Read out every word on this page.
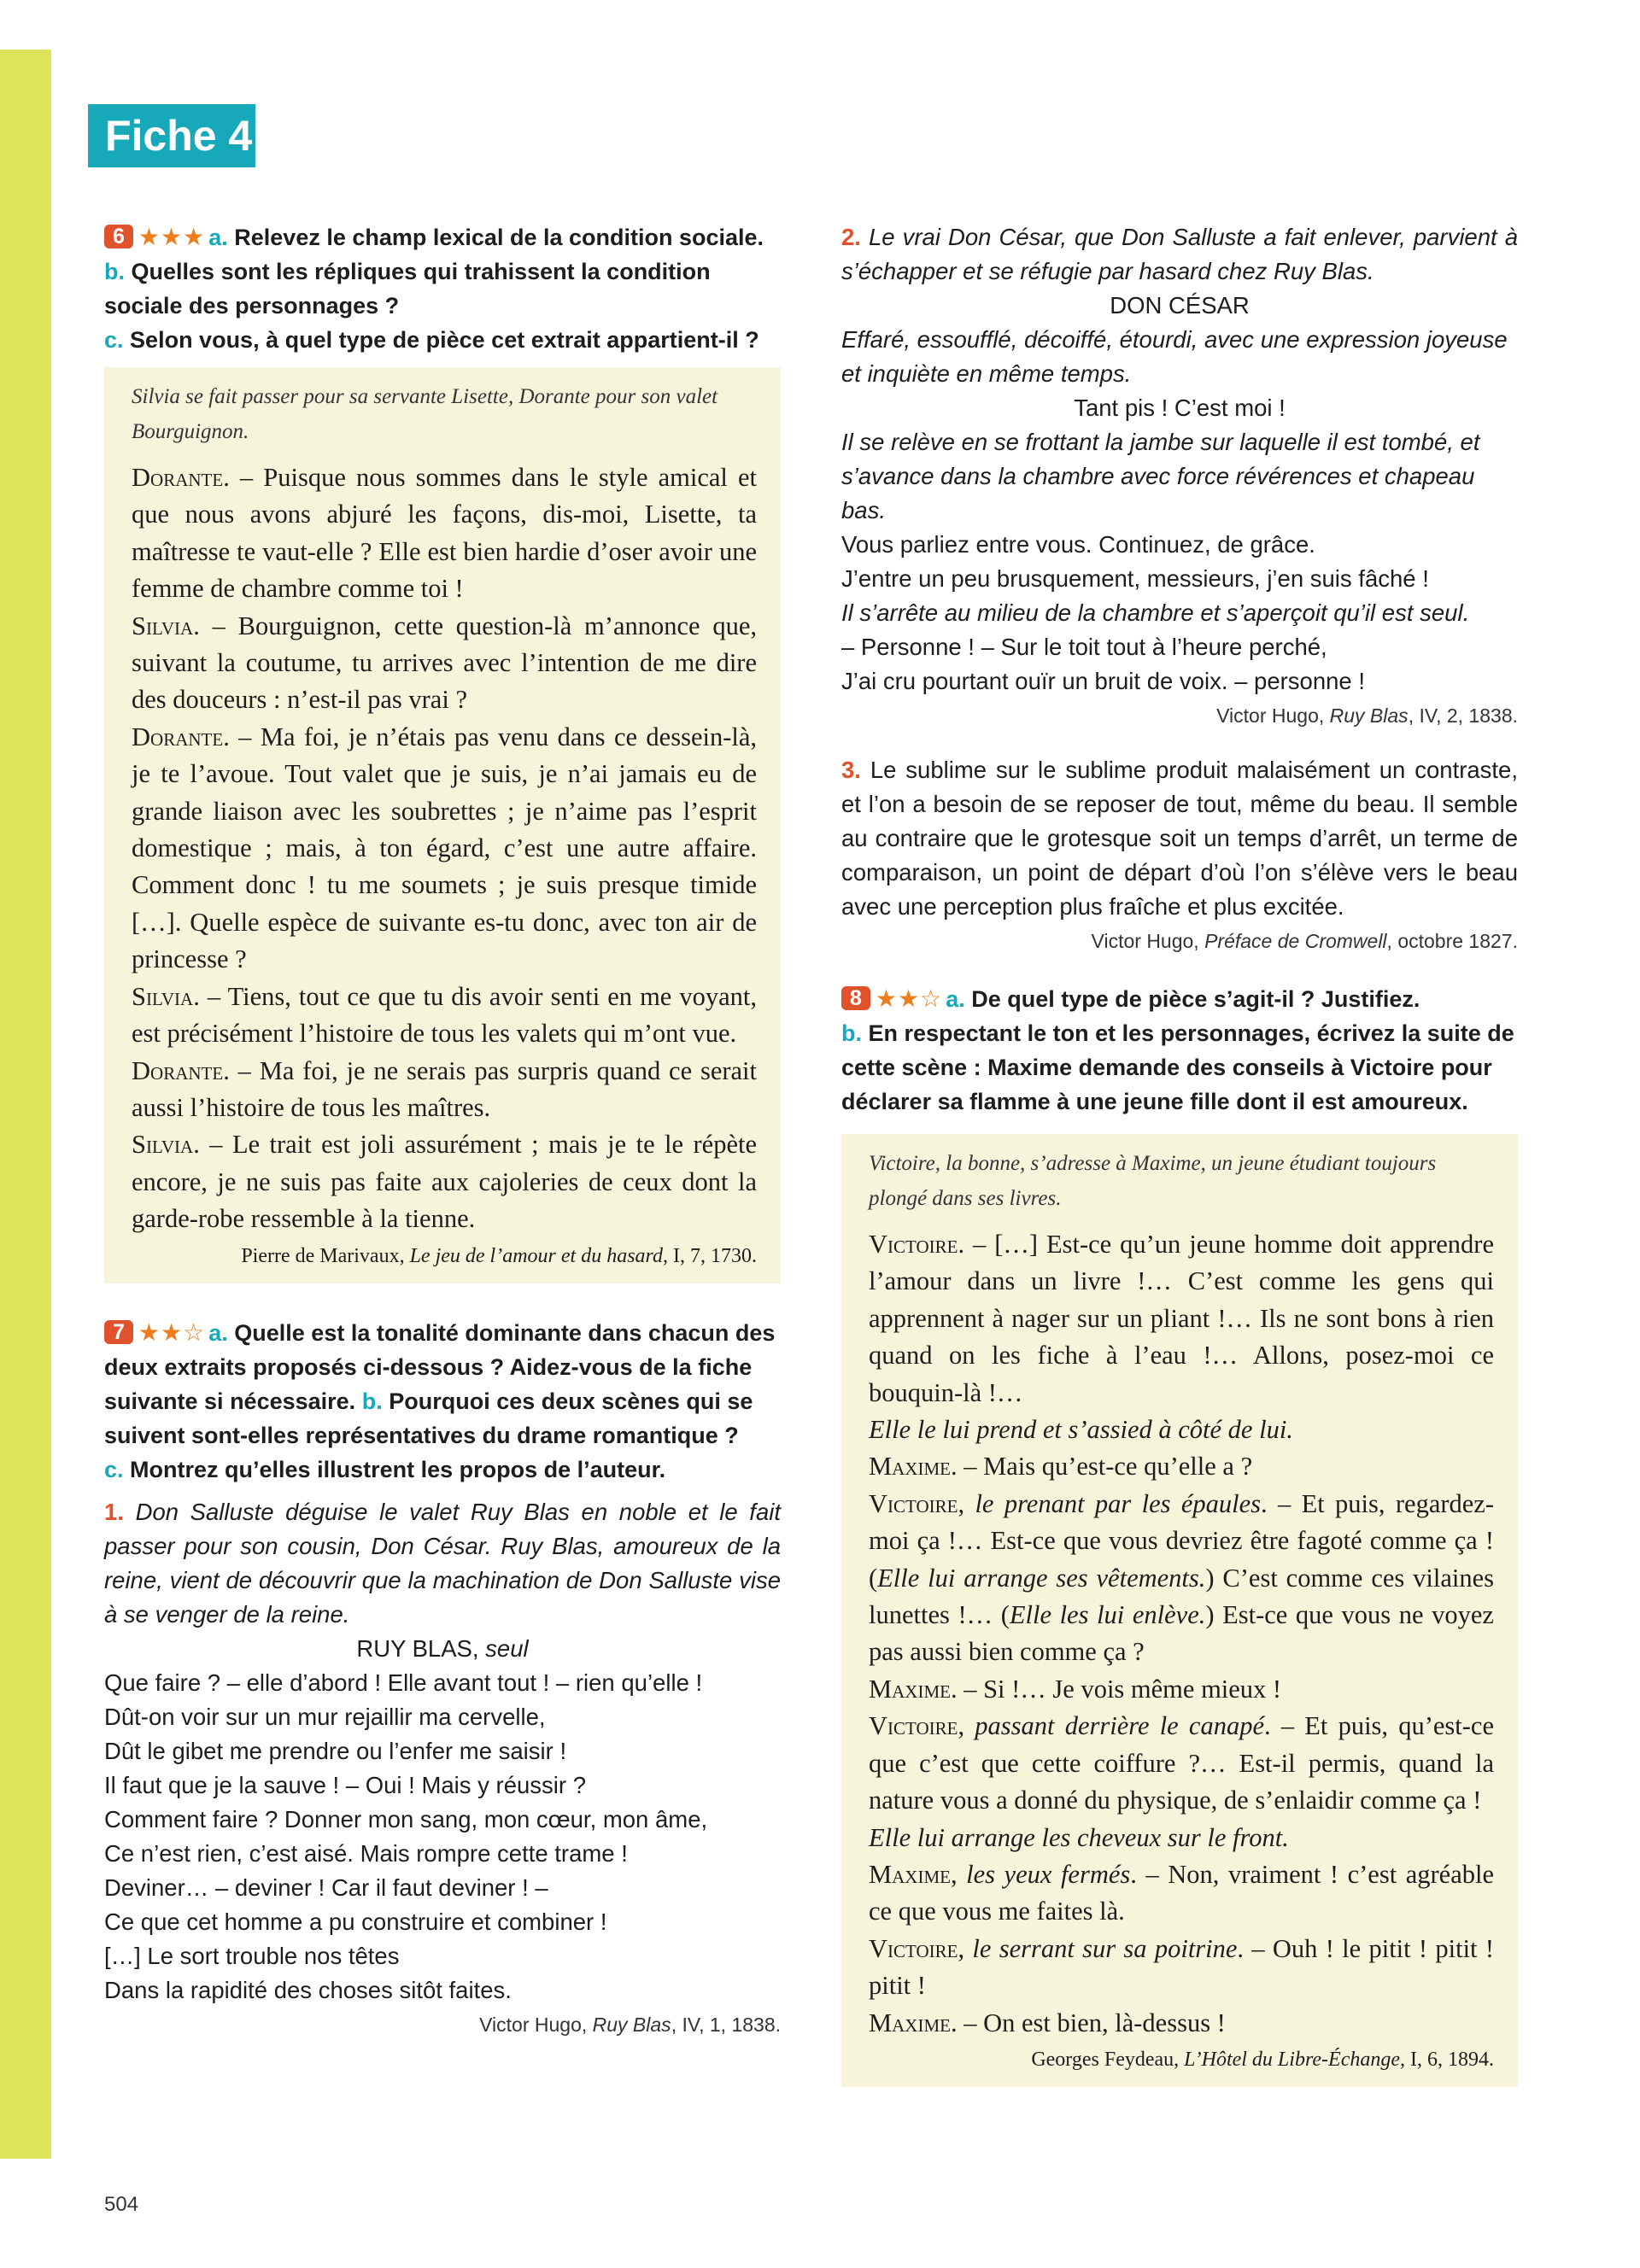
Fiche 4
6 ★★★ a. Relevez le champ lexical de la condition sociale.
b. Quelles sont les répliques qui trahissent la condition sociale des personnages ?
c. Selon vous, à quel type de pièce cet extrait appartient-il ?

Silvia se fait passer pour sa servante Lisette, Dorante pour son valet Bourguignon.

Dorante. – Puisque nous sommes dans le style amical et que nous avons abjuré les façons, dis-moi, Lisette, ta maîtresse te vaut-elle ? Elle est bien hardie d’oser avoir une femme de chambre comme toi !

Silvia. – Bourguignon, cette question-là m’annonce que, suivant la coutume, tu arrives avec l’intention de me dire des douceurs : n’est-il pas vrai ?

Dorante. – Ma foi, je n’étais pas venu dans ce dessein-là, je te l’avoue. Tout valet que je suis, je n’ai jamais eu de grande liaison avec les soubrettes ; je n’aime pas l’esprit domestique ; mais, à ton égard, c’est une autre affaire. Comment donc ! tu me soumets ; je suis presque timide […]. Quelle espèce de suivante es-tu donc, avec ton air de princesse ?

Silvia. – Tiens, tout ce que tu dis avoir senti en me voyant, est précisément l’histoire de tous les valets qui m’ont vue.

Dorante. – Ma foi, je ne serais pas surpris quand ce serait aussi l’histoire de tous les maîtres.

Silvia. – Le trait est joli assurément ; mais je te le répète encore, je ne suis pas faite aux cajoleries de ceux dont la garde-robe ressemble à la tienne.

Pierre de Marivaux, Le jeu de l’amour et du hasard, I, 7, 1730.
7 ★★☆ a. Quelle est la tonalité dominante dans chacun des deux extraits proposés ci-dessous ? Aidez-vous de la fiche suivante si nécessaire. b. Pourquoi ces deux scènes qui se suivent sont-elles représentatives du drame romantique ?
c. Montrez qu’elles illustrent les propos de l’auteur.

1. Don Salluste déguise le valet Ruy Blas en noble et le fait passer pour son cousin, Don César. Ruy Blas, amoureux de la reine, vient de découvrir que la machination de Don Salluste vise à se venger de la reine.

RUY BLAS, seul

Que faire ? – elle d’abord ! Elle avant tout ! – rien qu’elle !

Dût-on voir sur un mur rejaillir ma cervelle,

Dût le gibet me prendre ou l’enfer me saisir !

Il faut que je la sauve ! – Oui ! Mais y réussir ?

Comment faire ? Donner mon sang, mon cœur, mon âme,

Ce n’est rien, c’est aisé. Mais rompre cette trame !

Deviner… – deviner ! Car il faut deviner ! –

Ce que cet homme a pu construire et combiner !

[…] Le sort trouble nos têtes

Dans la rapidité des choses sitôt faites.

Victor Hugo, Ruy Blas, IV, 1, 1838.

2. Le vrai Don César, que Don Salluste a fait enlever, parvient à s’échapper et se réfugie par hasard chez Ruy Blas.

DON CÉSAR

Effaré, essoufflé, décoiffé, étourdi, avec une expression joyeuse et inquiète en même temps.

Tant pis ! C’est moi !

Il se relève en se frottant la jambe sur laquelle il est tombé, et s’avance dans la chambre avec force révérences et chapeau bas.

Vous parliez entre vous. Continuez, de grâce.

J’entre un peu brusquement, messieurs, j’en suis fâché !

Il s’arrête au milieu de la chambre et s’aperçoit qu’il est seul.

– Personne ! – Sur le toit tout à l’heure perché,

J’ai cru pourtant ouïr un bruit de voix. – personne !

Victor Hugo, Ruy Blas, IV, 2, 1838.

3. Le sublime sur le sublime produit malaisément un contraste, et l’on a besoin de se reposer de tout, même du beau. Il semble au contraire que le grotesque soit un temps d’arrêt, un terme de comparaison, un point de départ d’où l’on s’élève vers le beau avec une perception plus fraîche et plus excitée.

Victor Hugo, Préface de Cromwell, octobre 1827.
8 ★★☆ a. De quel type de pièce s’agit-il ? Justifiez.
b. En respectant le ton et les personnages, écrivez la suite de cette scène : Maxime demande des conseils à Victoire pour déclarer sa flamme à une jeune fille dont il est amoureux.

Victoire, la bonne, s’adresse à Maxime, un jeune étudiant toujours plongé dans ses livres.

Victoire. – […] Est-ce qu’un jeune homme doit apprendre l’amour dans un livre !… C’est comme les gens qui apprennent à nager sur un pliant !… Ils ne sont bons à rien quand on les fiche à l’eau !… Allons, posez-moi ce bouquin-là !…

Elle le lui prend et s’assied à côté de lui.

Maxime. – Mais qu’est-ce qu’elle a ?

Victoire, le prenant par les épaules. – Et puis, regardez-moi ça !… Est-ce que vous devriez être fagoté comme ça ! (Elle lui arrange ses vêtements.) C’est comme ces vilaines lunettes !… (Elle les lui enlève.) Est-ce que vous ne voyez pas aussi bien comme ça ?

Maxime. – Si !… Je vois même mieux !

Victoire, passant derrière le canapé. – Et puis, qu’est-ce que c’est que cette coiffure ?… Est-il permis, quand la nature vous a donné du physique, de s’enlaidir comme ça !

Elle lui arrange les cheveux sur le front.

Maxime, les yeux fermés. – Non, vraiment ! c’est agréable ce que vous me faites là.

Victoire, le serrant sur sa poitrine. – Ouh ! le pitit ! pitit ! pitit !

Maxime. – On est bien, là-dessus !

Georges Feydeau, L’Hôtel du Libre-Échange, I, 6, 1894.
504
